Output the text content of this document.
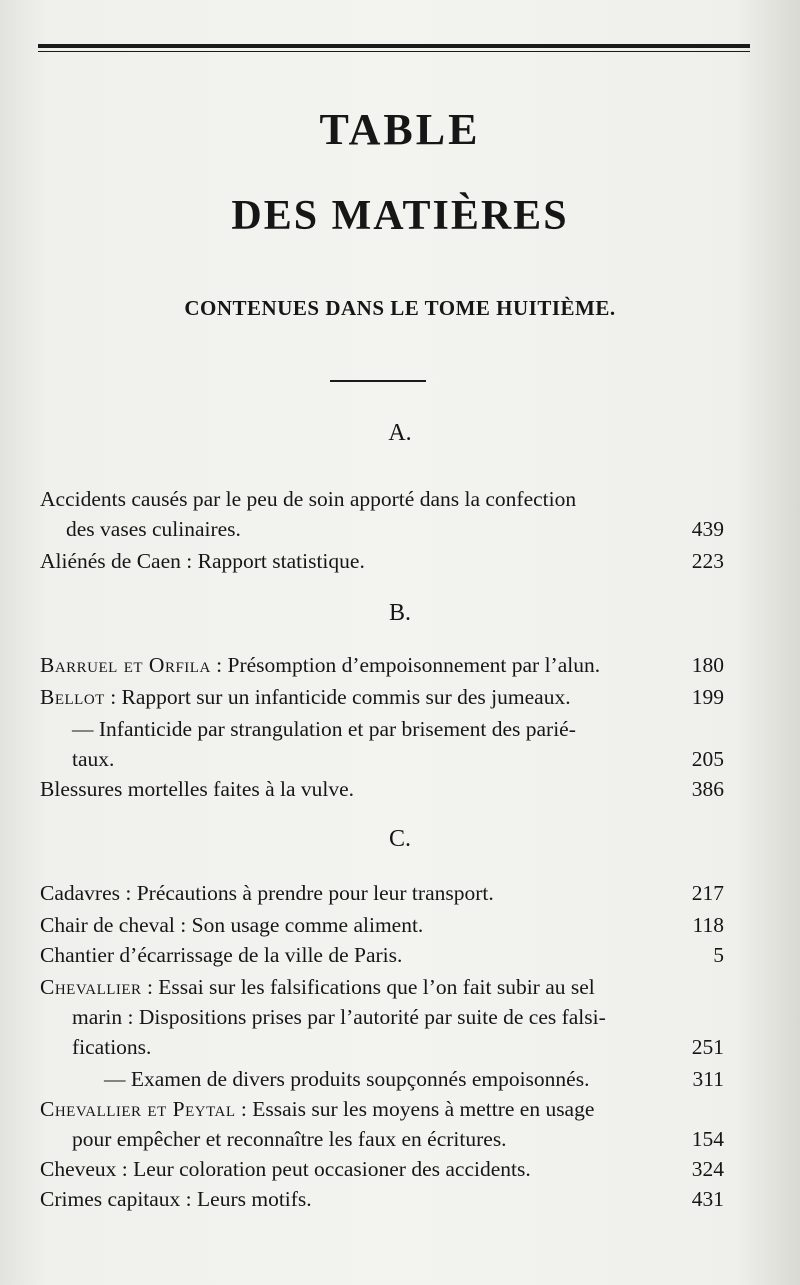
TABLE
DES MATIÈRES
CONTENUES DANS LE TOME HUITIÈME.
A.
Accidents causés par le peu de soin apporté dans la confection
des vases culinaires.	439
Aliénés de Caen : Rapport statistique.	223
B.
Barruel et Orfila : Présomption d’empoisonnement par l’alun.	180
Bellot : Rapport sur un infanticide commis sur des jumeaux.	199
— Infanticide par strangulation et par brisement des parié-
taux.	205
Blessures mortelles faites à la vulve.	386
C.
Cadavres : Précautions à prendre pour leur transport.	217
Chair de cheval : Son usage comme aliment.	118
Chantier d’écarrissage de la ville de Paris.	5
Chevallier : Essai sur les falsifications que l’on fait subir au sel
marin : Dispositions prises par l’autorité par suite de ces falsi-
fications.	251
— Examen de divers produits soupçonnés empoisonnés.	311
Chevallier et Peytal : Essais sur les moyens à mettre en usage
pour empêcher et reconnaître les faux en écritures.	154
Cheveux : Leur coloration peut occasioner des accidents.	324
Crimes capitaux : Leurs motifs.	431
